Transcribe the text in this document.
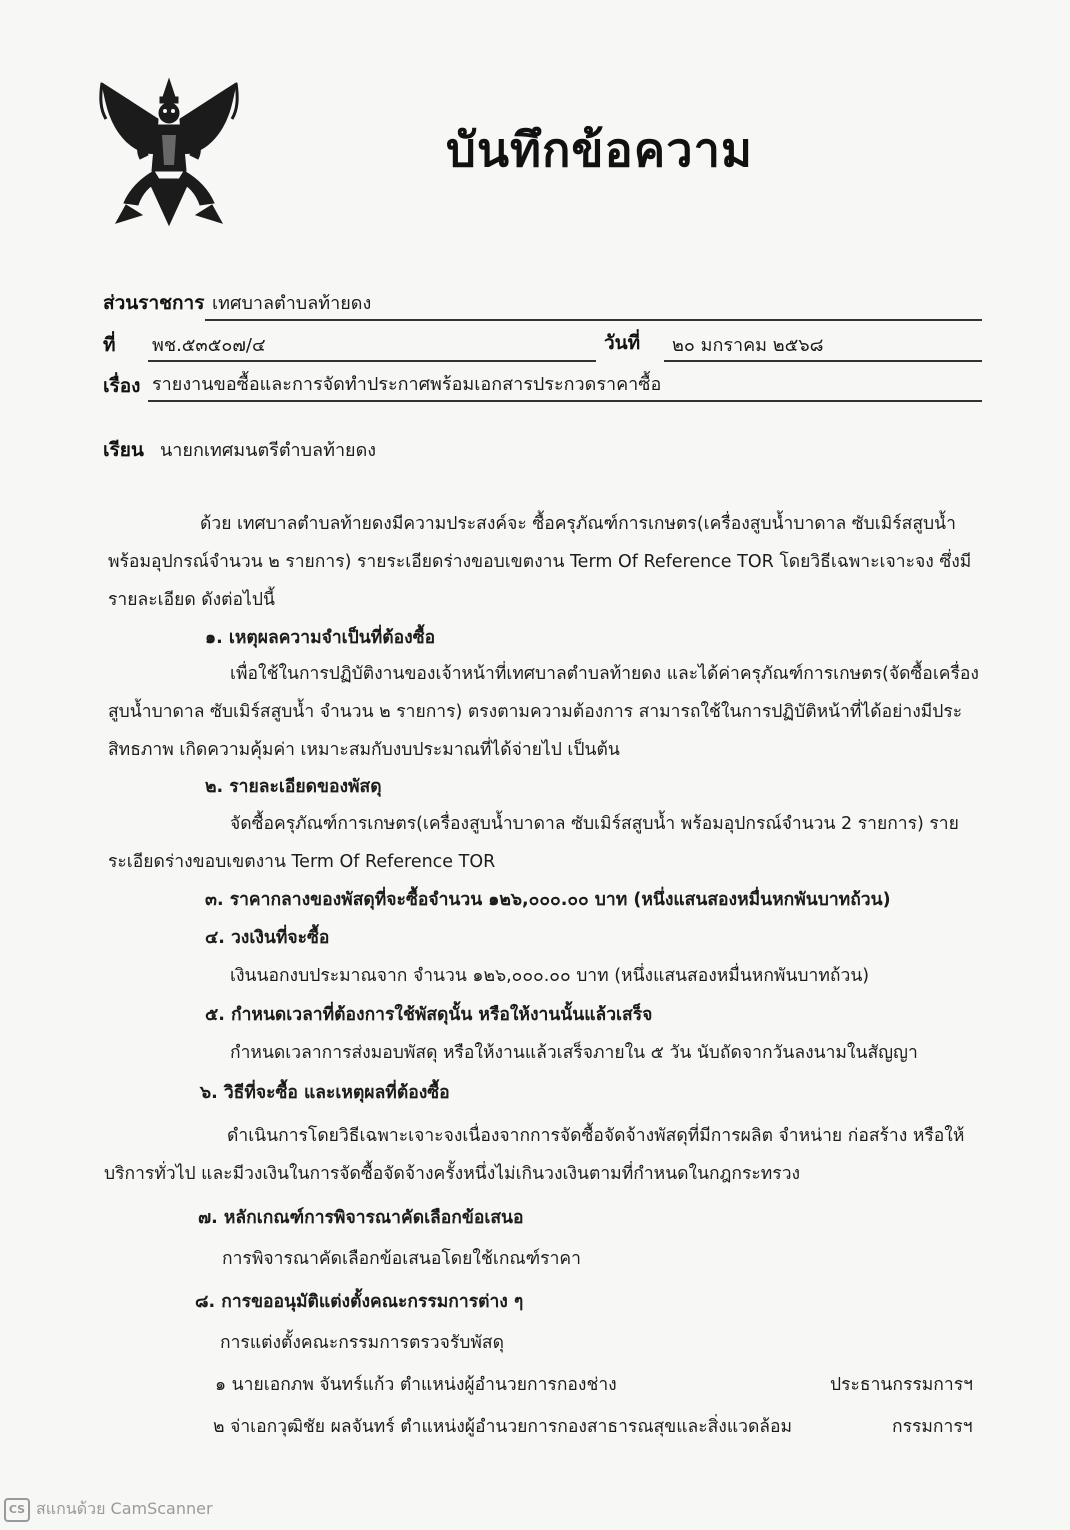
บันทึกข้อความ
ส่วนราชการ เทศบาลตำบลท้ายดง
ที่ พช.๕๓๕๐๗/๔	วันที่ ๒๐ มกราคม ๒๕๖๘
เรื่อง รายงานขอซื้อและการจัดทำประกาศพร้อมเอกสารประกวดราคาซื้อ
เรียน นายกเทศมนตรีตำบลท้ายดง
ด้วย เทศบาลตำบลท้ายดงมีความประสงค์จะ ซื้อครุภัณฑ์การเกษตร(เครื่องสูบน้ำบาดาล ซับเมิร์สสูบน้ำ
พร้อมอุปกรณ์จำนวน ๒ รายการ) รายระเอียดร่างขอบเขตงาน Term Of Reference TOR โดยวิธีเฉพาะเจาะจง ซึ่งมี
รายละเอียด ดังต่อไปนี้
๑. เหตุผลความจำเป็นที่ต้องซื้อ
เพื่อใช้ในการปฏิบัติงานของเจ้าหน้าที่เทศบาลตำบลท้ายดง และได้ค่าครุภัณฑ์การเกษตร(จัดซื้อเครื่อง
สูบน้ำบาดาล ซับเมิร์สสูบน้ำ จำนวน ๒ รายการ) ตรงตามความต้องการ สามารถใช้ในการปฏิบัติหน้าที่ได้อย่างมีประ
สิทธภาพ เกิดความคุ้มค่า เหมาะสมกับงบประมาณที่ได้จ่ายไป เป็นต้น
๒. รายละเอียดของพัสดุ
จัดซื้อครุภัณฑ์การเกษตร(เครื่องสูบน้ำบาดาล ซับเมิร์สสูบน้ำ พร้อมอุปกรณ์จำนวน 2 รายการ) ราย
ระเอียดร่างขอบเขตงาน Term Of Reference TOR
๓. ราคากลางของพัสดุที่จะซื้อจำนวน ๑๒๖,๐๐๐.๐๐ บาท (หนึ่งแสนสองหมื่นหกพันบาทถ้วน)
๔. วงเงินที่จะซื้อ
เงินนอกงบประมาณจาก จำนวน ๑๒๖,๐๐๐.๐๐ บาท (หนึ่งแสนสองหมื่นหกพันบาทถ้วน)
๕. กำหนดเวลาที่ต้องการใช้พัสดุนั้น หรือให้งานนั้นแล้วเสร็จ
กำหนดเวลาการส่งมอบพัสดุ หรือให้งานแล้วเสร็จภายใน ๕ วัน นับถัดจากวันลงนามในสัญญา
๖. วิธีที่จะซื้อ และเหตุผลที่ต้องซื้อ
ดำเนินการโดยวิธีเฉพาะเจาะจงเนื่องจากการจัดซื้อจัดจ้างพัสดุที่มีการผลิต จำหน่าย ก่อสร้าง หรือให้
บริการทั่วไป และมีวงเงินในการจัดซื้อจัดจ้างครั้งหนึ่งไม่เกินวงเงินตามที่กำหนดในกฎกระทรวง
๗. หลักเกณฑ์การพิจารณาคัดเลือกข้อเสนอ
การพิจารณาคัดเลือกข้อเสนอโดยใช้เกณฑ์ราคา
๘. การขออนุมัติแต่งตั้งคณะกรรมการต่าง ๆ
การแต่งตั้งคณะกรรมการตรวจรับพัสดุ
๑ นายเอกภพ จันทร์แก้ว ตำแหน่งผู้อำนวยการกองช่าง	ประธานกรรมการฯ
๒ จ่าเอกวุฒิชัย ผลจันทร์ ตำแหน่งผู้อำนวยการกองสาธารณสุขและสิ่งแวดล้อม	กรรมการฯ
CS สแกนด้วย CamScanner
